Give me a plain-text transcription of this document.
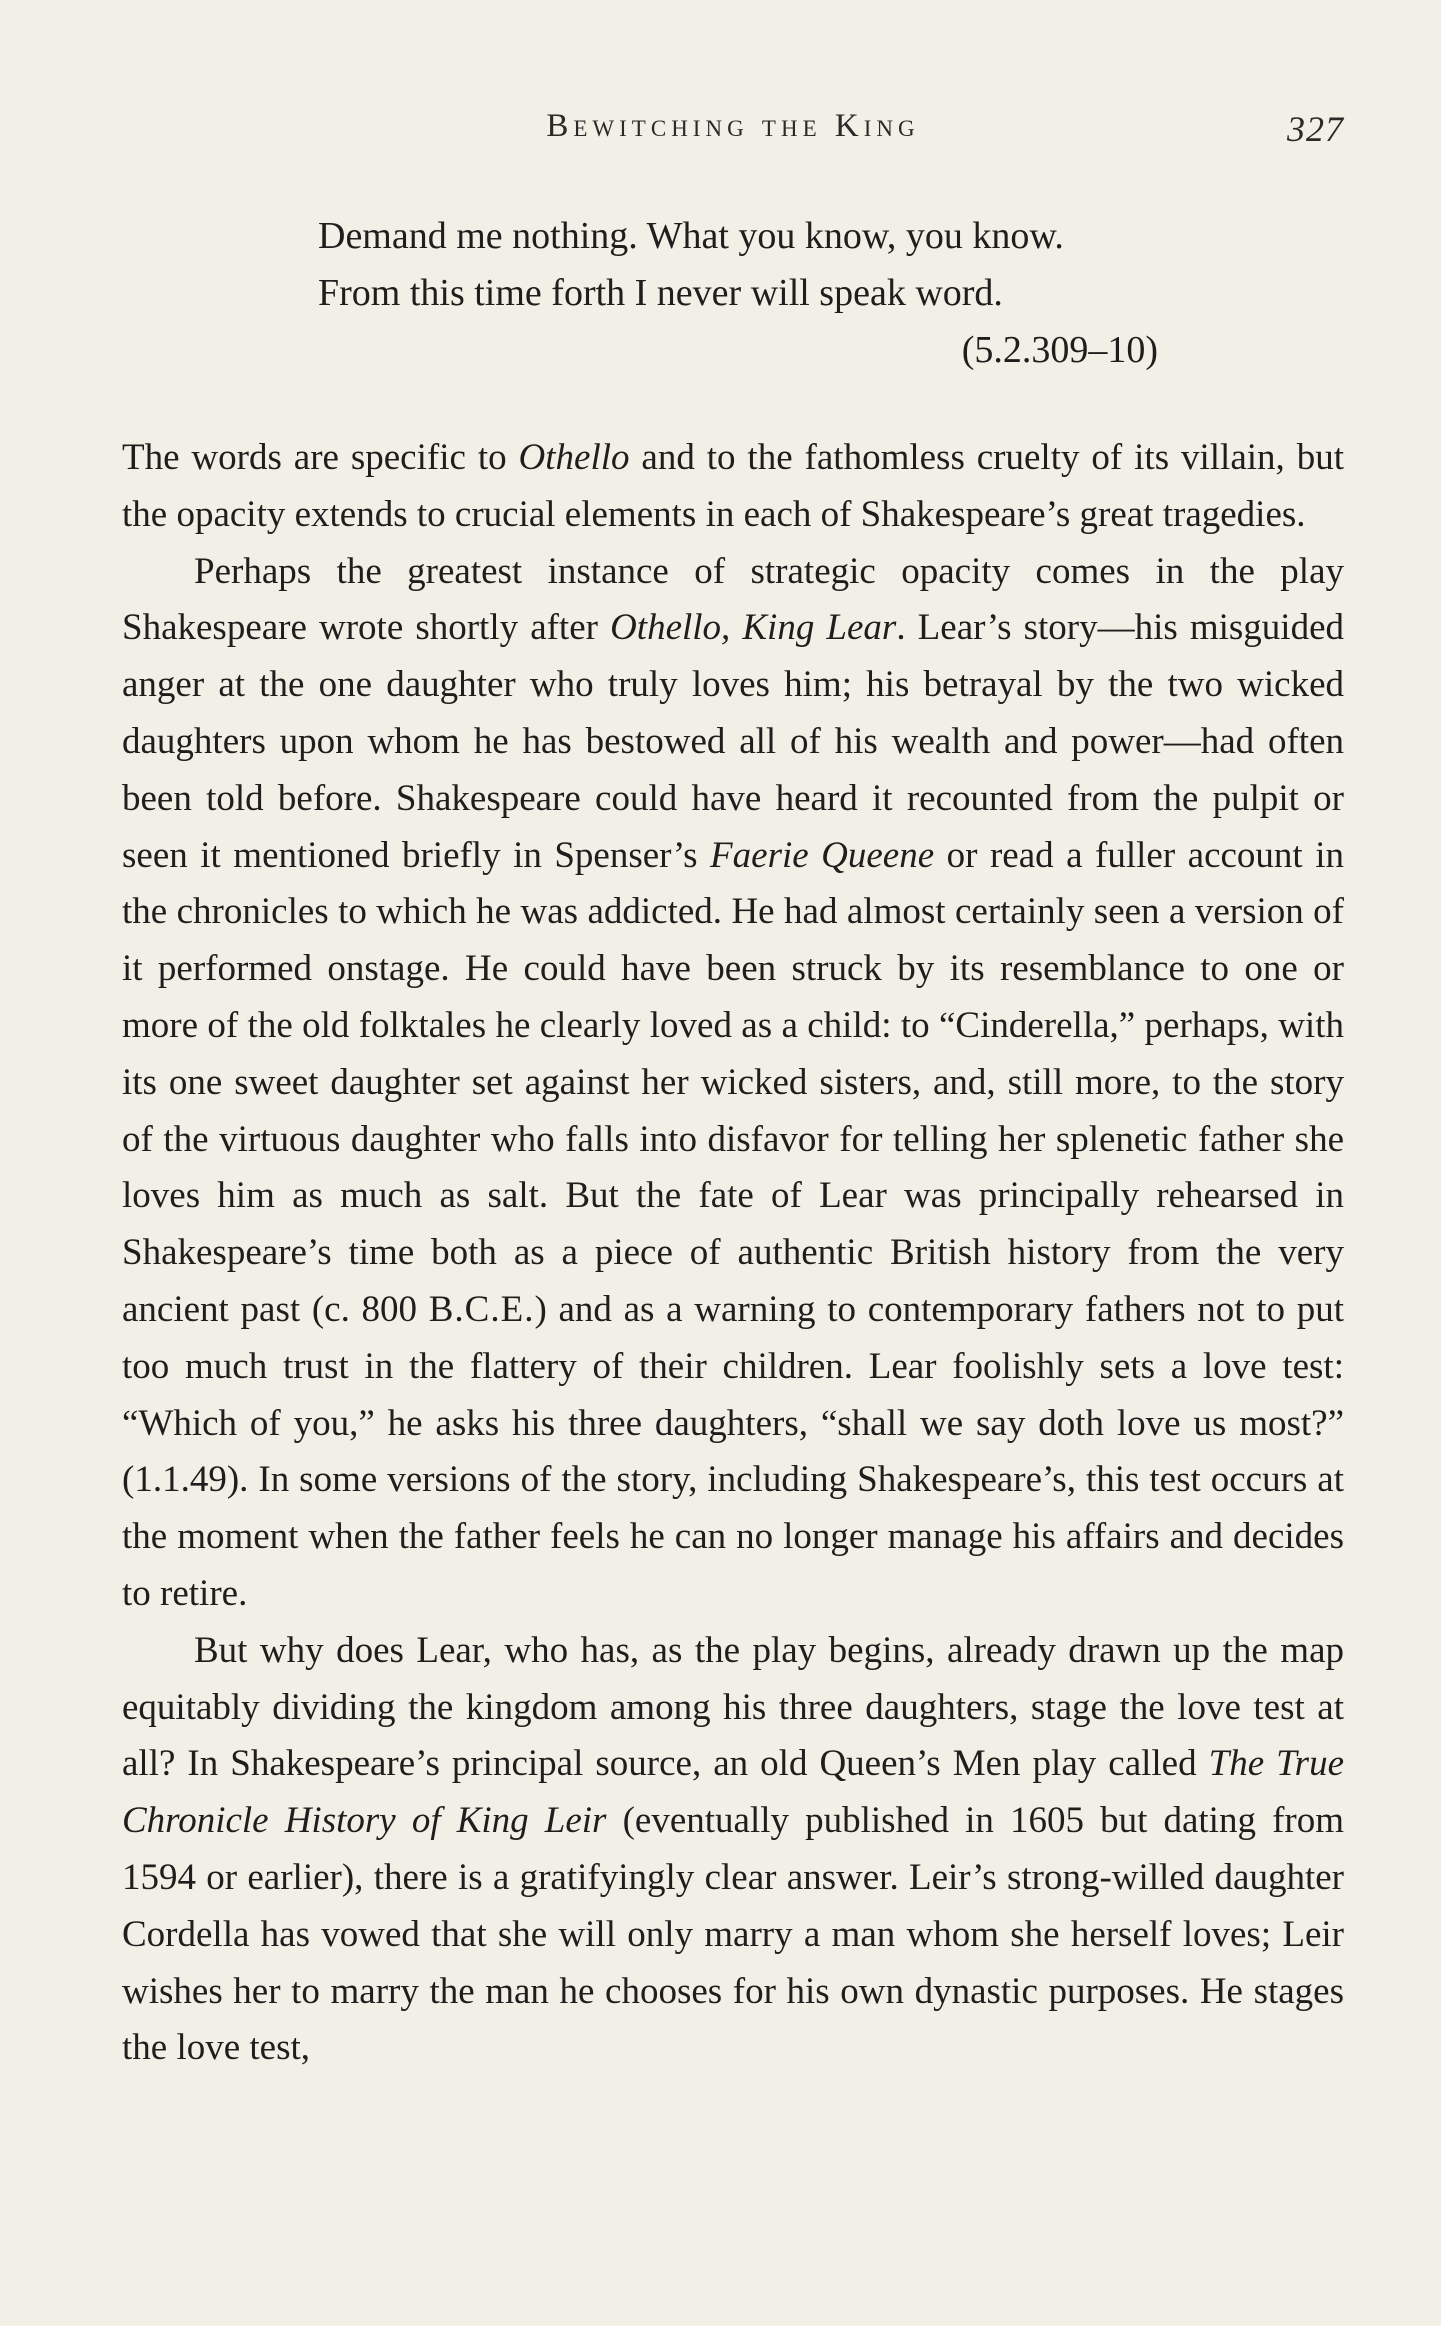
Bewitching the King	327
Demand me nothing. What you know, you know.
From this time forth I never will speak word.
(5.2.309–10)

The words are specific to Othello and to the fathomless cruelty of its villain, but the opacity extends to crucial elements in each of Shakespeare’s great tragedies.

Perhaps the greatest instance of strategic opacity comes in the play Shakespeare wrote shortly after Othello, King Lear. Lear’s story—his misguided anger at the one daughter who truly loves him; his betrayal by the two wicked daughters upon whom he has bestowed all of his wealth and power—had often been told before. Shakespeare could have heard it recounted from the pulpit or seen it mentioned briefly in Spenser’s Faerie Queene or read a fuller account in the chronicles to which he was addicted. He had almost certainly seen a version of it performed onstage. He could have been struck by its resemblance to one or more of the old folktales he clearly loved as a child: to “Cinderella,” perhaps, with its one sweet daughter set against her wicked sisters, and, still more, to the story of the virtuous daughter who falls into disfavor for telling her splenetic father she loves him as much as salt. But the fate of Lear was principally rehearsed in Shakespeare’s time both as a piece of authentic British history from the very ancient past (c. 800 B.C.E.) and as a warning to contemporary fathers not to put too much trust in the flattery of their children. Lear foolishly sets a love test: “Which of you,” he asks his three daughters, “shall we say doth love us most?” (1.1.49). In some versions of the story, including Shakespeare’s, this test occurs at the moment when the father feels he can no longer manage his affairs and decides to retire.

But why does Lear, who has, as the play begins, already drawn up the map equitably dividing the kingdom among his three daughters, stage the love test at all? In Shakespeare’s principal source, an old Queen’s Men play called The True Chronicle History of King Leir (eventually published in 1605 but dating from 1594 or earlier), there is a gratifyingly clear answer. Leir’s strong-willed daughter Cordella has vowed that she will only marry a man whom she herself loves; Leir wishes her to marry the man he chooses for his own dynastic purposes. He stages the love test,
